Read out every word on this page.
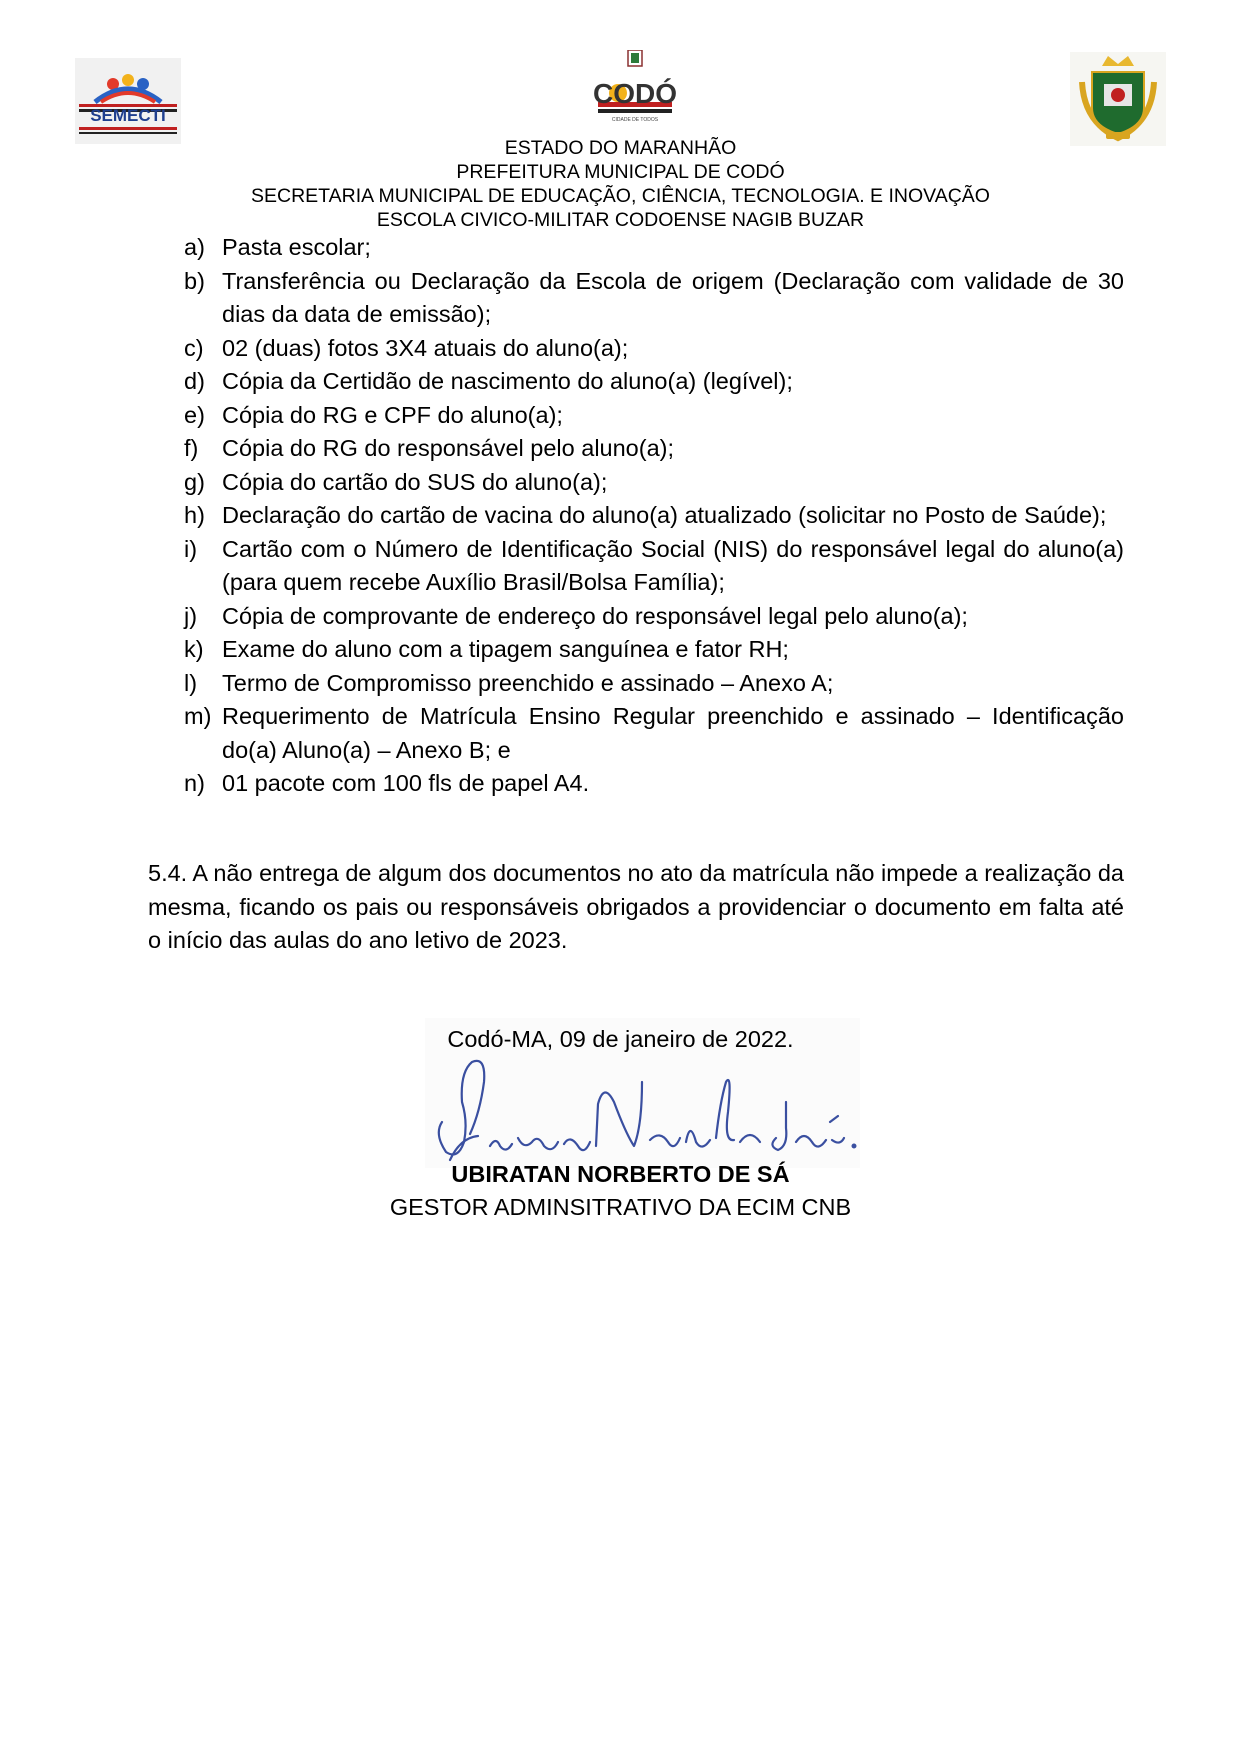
SEMECTI
CODÓ
CIDADE DE TODOS
ESTADO DO MARANHÃO
PREFEITURA MUNICIPAL DE CODÓ
SECRETARIA MUNICIPAL DE EDUCAÇÃO, CIÊNCIA, TECNOLOGIA. E INOVAÇÃO
ESCOLA CIVICO-MILITAR CODOENSE NAGIB BUZAR
a) Pasta escolar;
b) Transferência ou Declaração da Escola de origem (Declaração com validade de 30 dias da data de emissão);
c) 02 (duas) fotos 3X4 atuais do aluno(a);
d) Cópia da Certidão de nascimento do aluno(a) (legível);
e) Cópia do RG e CPF do aluno(a);
f)	Cópia do RG do responsável pelo aluno(a);
g) Cópia do cartão do SUS do aluno(a);
h) Declaração do cartão de vacina do aluno(a) atualizado (solicitar no Posto de Saúde);
i)	Cartão com o Número de Identificação Social (NIS) do responsável legal do aluno(a) (para quem recebe Auxílio Brasil/Bolsa Família);
j)	Cópia de comprovante de endereço do responsável legal pelo aluno(a);
k) Exame do aluno com a tipagem sanguínea e fator RH;
l)	Termo de Compromisso preenchido e assinado – Anexo A;
m) Requerimento de Matrícula Ensino Regular preenchido e assinado – Identificação do(a) Aluno(a) – Anexo B; e
n) 01 pacote com 100 fls de papel A4.

5.4. A não entrega de algum dos documentos no ato da matrícula não impede a realização da mesma, ficando os pais ou responsáveis obrigados a providenciar o documento em falta até o início das aulas do ano letivo de 2023.

Codó-MA, 09 de janeiro de 2022.
UBIRATAN NORBERTO DE SÁ
GESTOR ADMINSITRATIVO DA ECIM CNB
